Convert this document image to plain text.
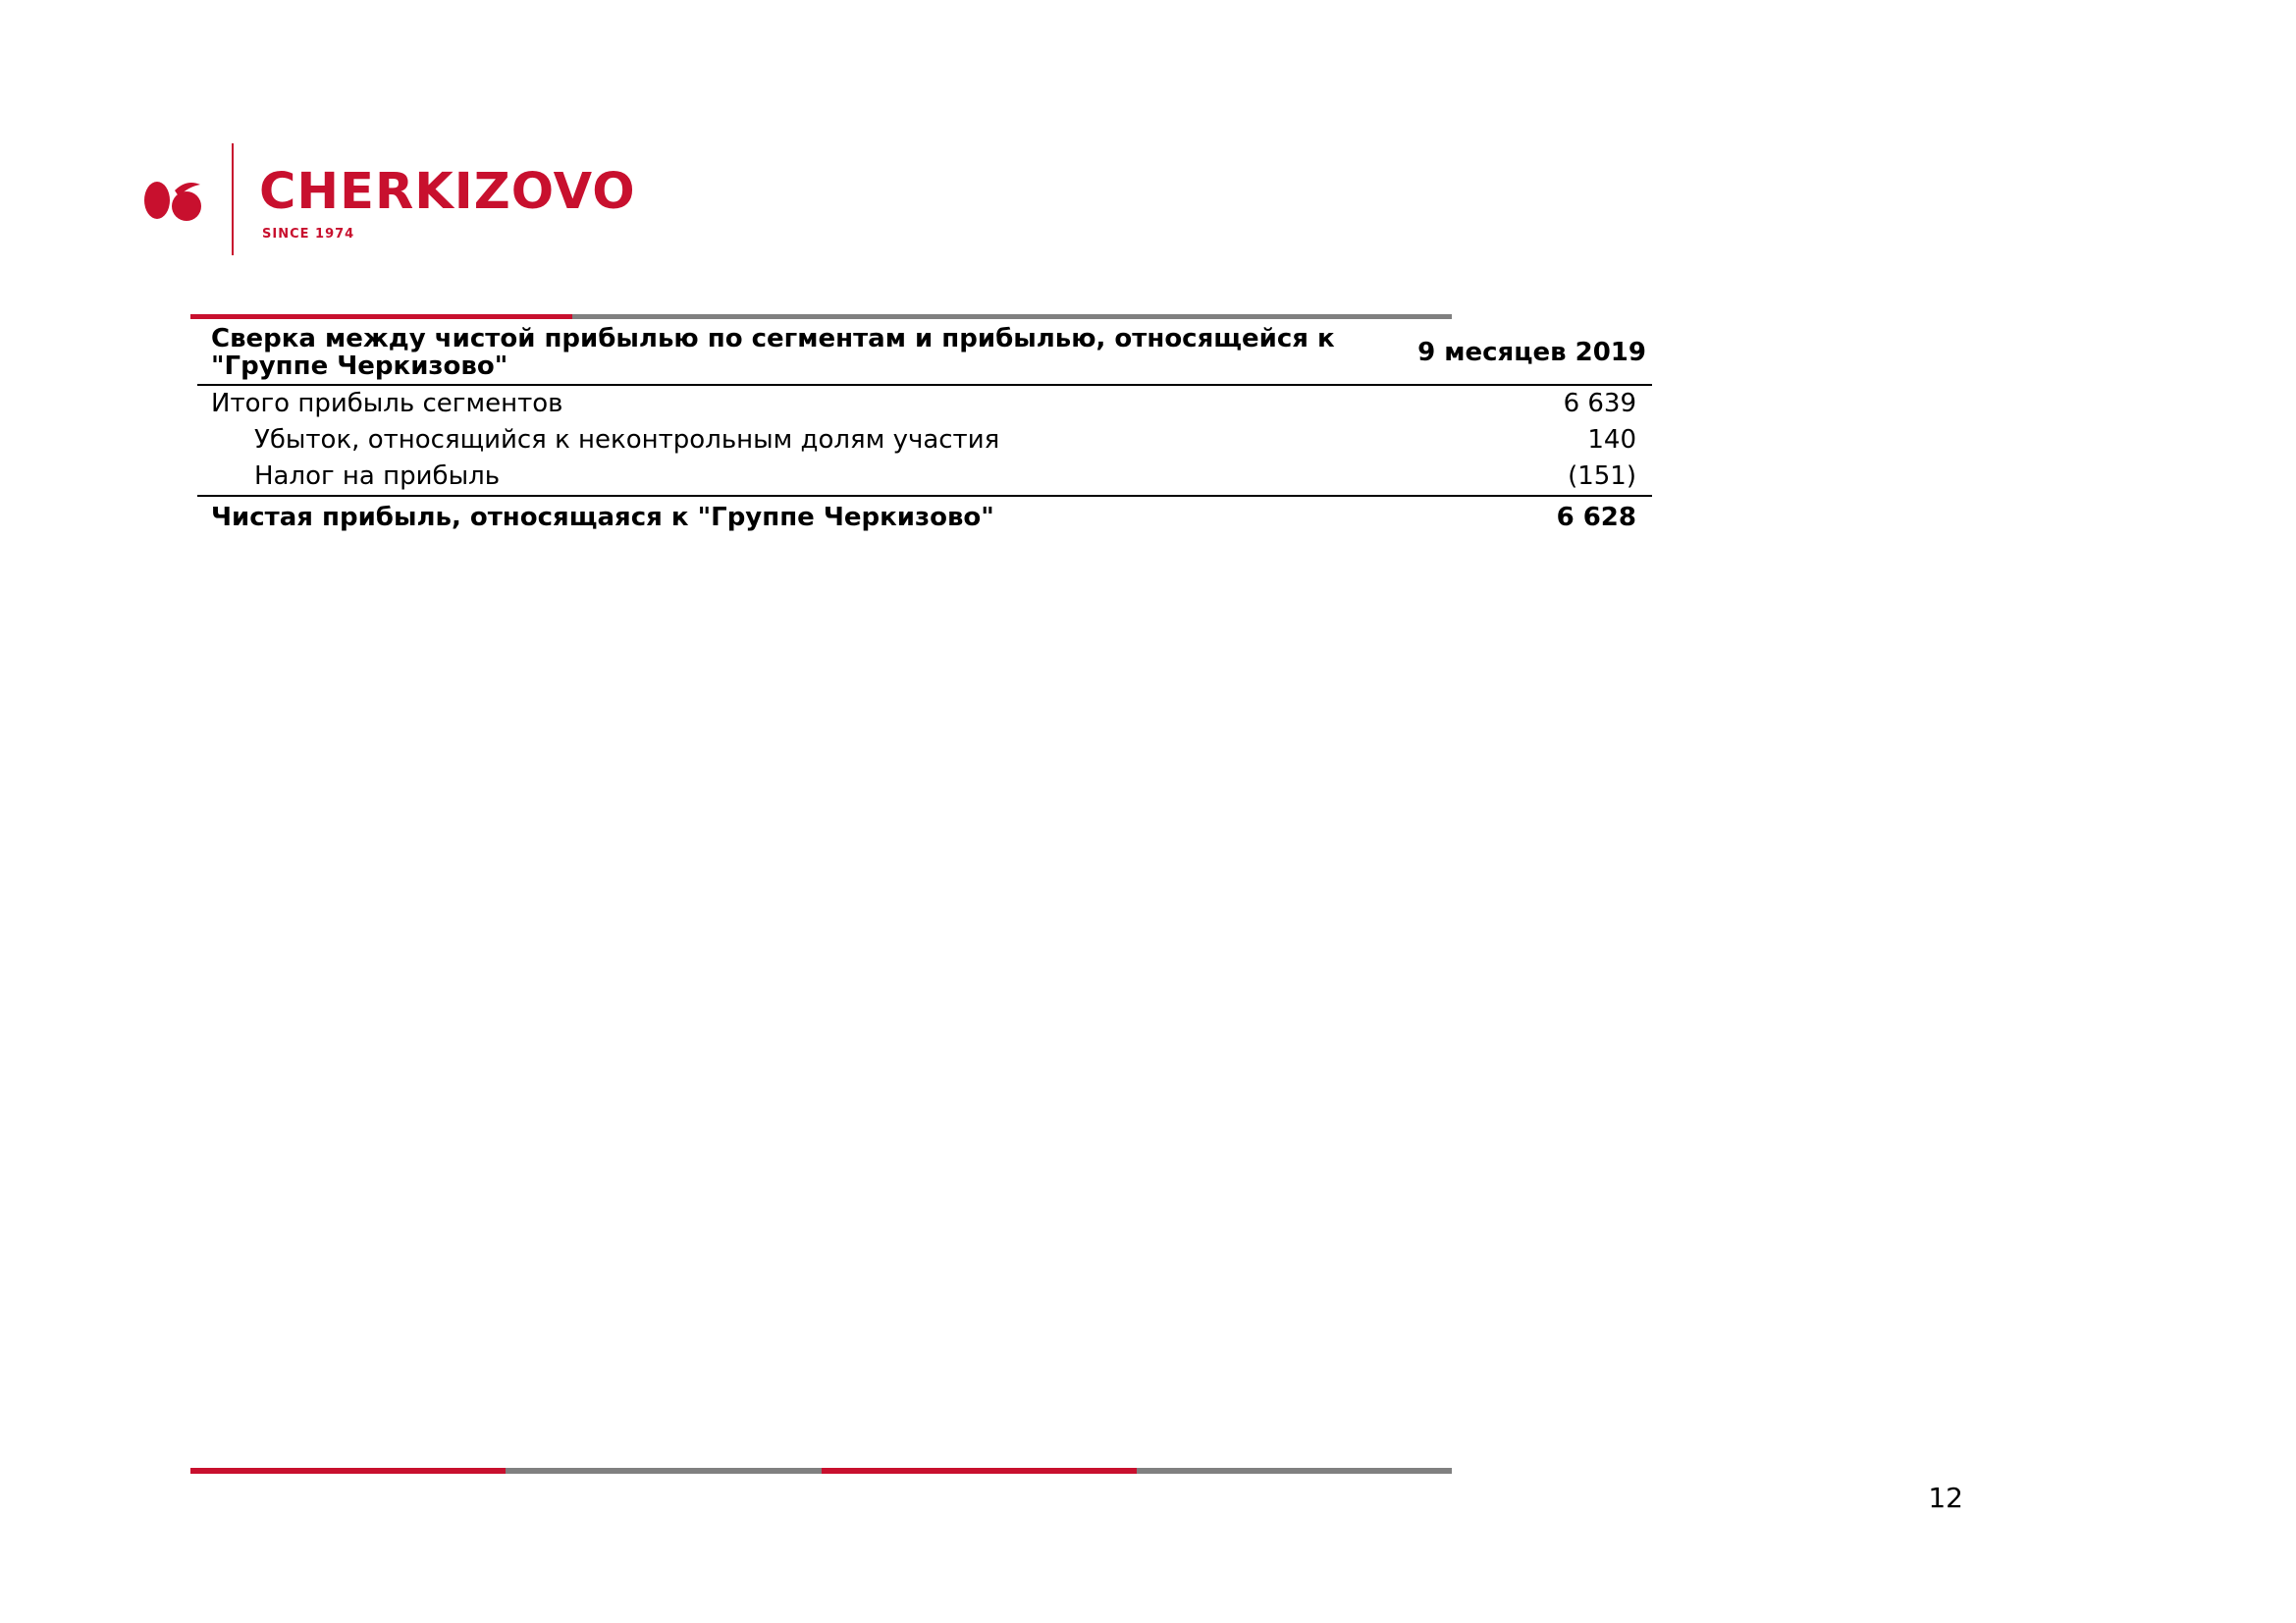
CHERKIZOVO
SINCE 1974
Сверка между чистой прибылью по сегментам и прибылью, относящейся к "Группе Черкизово"	9 месяцев 2019
Итого прибыль сегментов	6 639
Убыток, относящийся к неконтрольным долям участия	140
Налог на прибыль	(151)
Чистая прибыль, относящаяся к "Группе Черкизово"	6 628
12
